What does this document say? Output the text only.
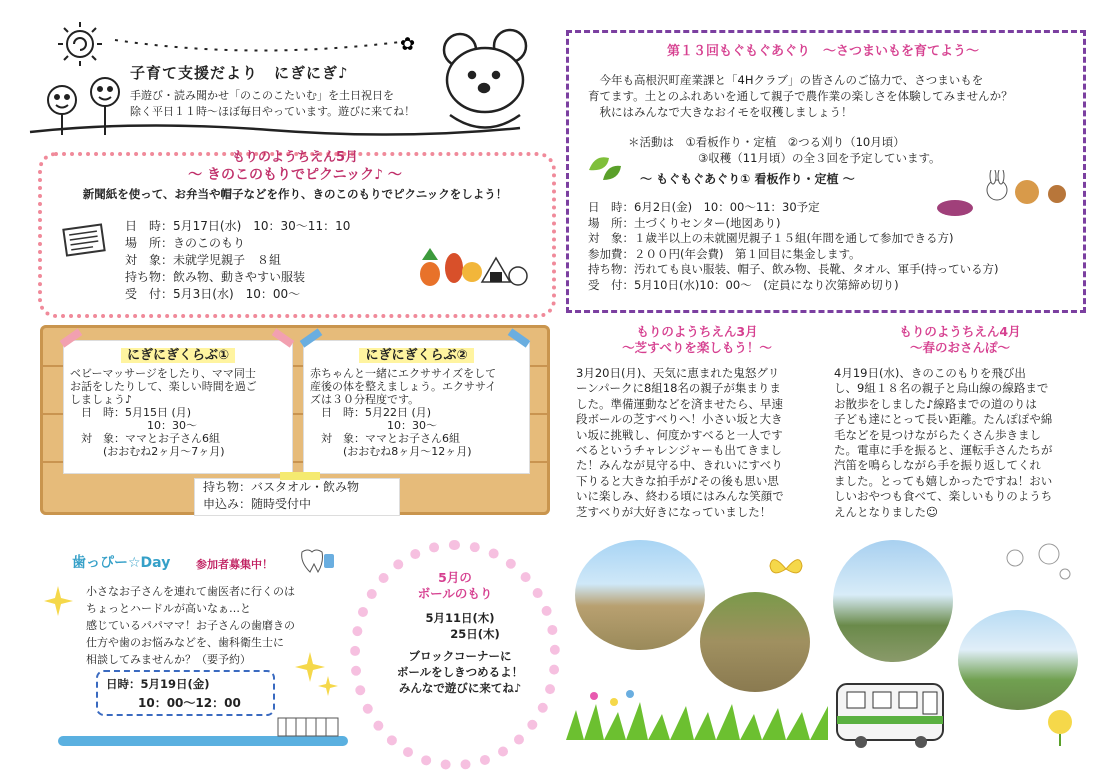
✿
子育て支援だより　にぎにぎ♪
手遊び・読み聞かせ「のこのこたいむ」を土日祝日を
除く平日１１時～ほぼ毎日やっています。遊びに来てね！
もりのようちえん5月
～ きのこのもりでピクニック♪ ～
新聞紙を使って、お弁当や帽子などを作り、きのこのもりでピクニックをしよう！
日　時：5月17日(水)　10：30～11：10
場　所：きのこのもり
対　象：未就学児親子　８組
持ち物：飲み物、動きやすい服装
受　付：5月3日(水)　10：00～
にぎにぎくらぶ①
ベビーマッサージをしたり、ママ同士
お話をしたりして、楽しい時間を過ご
しましょう♪
　日　時：5月15日 (月)
　　　　　　　10：30～
　対　象：ママとお子さん6組
　　　(おおむね2ヶ月～7ヶ月)
にぎにぎくらぶ②
赤ちゃんと一緒にエクササイズをして
産後の体を整えましょう。エクササイ
ズは３０分程度です。
　日　時：5月22日 (月)
　　　　　　　10：30～
　対　象：ママとお子さん6組
　　　(おおむね8ヶ月～12ヶ月)
持ち物：バスタオル・飲み物
申込み：随時受付中
第１３回もぐもぐあぐり　～さつまいもを育てよう～
　今年も高根沢町産業課と「4Hクラブ」の皆さんのご協力で、さつまいもを
育てます。土とのふれあいを通して親子で農作業の楽しさを体験してみませんか？
　秋にはみんなで大きなおイモを収穫しましょう！
＊活動は　①看板作り・定植　②つる刈り（10月頃）
③収穫（11月頃）の全３回を予定しています。
～ もぐもぐあぐり① 看板作り・定植 ～
日　時：6月2日(金)　10：00～11：30予定
場　所：土づくりセンター(地図あり)
対　象：１歳半以上の未就園児親子１５組(年間を通して参加できる方)
参加費：２００円(年会費)　第１回目に集金します。
持ち物：汚れても良い服装、帽子、飲み物、長靴、タオル、軍手(持っている方)
受　付：5月10日(水)10：00～　(定員になり次第締め切り)
もりのようちえん3月
～芝すべりを楽しもう！～
3月20日(月)、天気に恵まれた鬼怒グリ
ーンパークに8組18名の親子が集まりま
した。準備運動などを済ませたら、早速
段ボールの芝すべりへ！小さい坂と大き
い坂に挑戦し、何度かすべると一人です
べるというチャレンジャーも出てきまし
た！みんなが見守る中、きれいにすべり
下りると大きな拍手が♪その後も思い思
いに楽しみ、終わる頃にはみんな笑顔で
芝すべりが大好きになっていました！
もりのようちえん4月
～春のおさんぽ～
4月19日(水)、きのこのもりを飛び出
し、9組１８名の親子と烏山線の線路まで
お散歩をしました♪線路までの道のりは
子ども達にとって長い距離。たんぽぽや綿
毛などを見つけながらたくさん歩きまし
た。電車に手を振ると、運転手さんたちが
汽笛を鳴らしながら手を振り返してくれ
ました。とっても嬉しかったですね！おい
しいおやつも食べて、楽しいもりのようち
えんとなりました☺
歯っぴー☆Day 参加者募集中！
小さなお子さんを連れて歯医者に行くのは
ちょっとハードルが高いなぁ…と
感じているパパママ！お子さんの歯磨きの
仕方や歯のお悩みなどを、歯科衛生士に
相談してみませんか？（要予約）
日時：5月19日(金)
10：00～12：00
5月の
ボールのもり
5月11日(木)
25日(木)
ブロックコーナーに
ボールをしきつめるよ！
みんなで遊びに来てね♪
